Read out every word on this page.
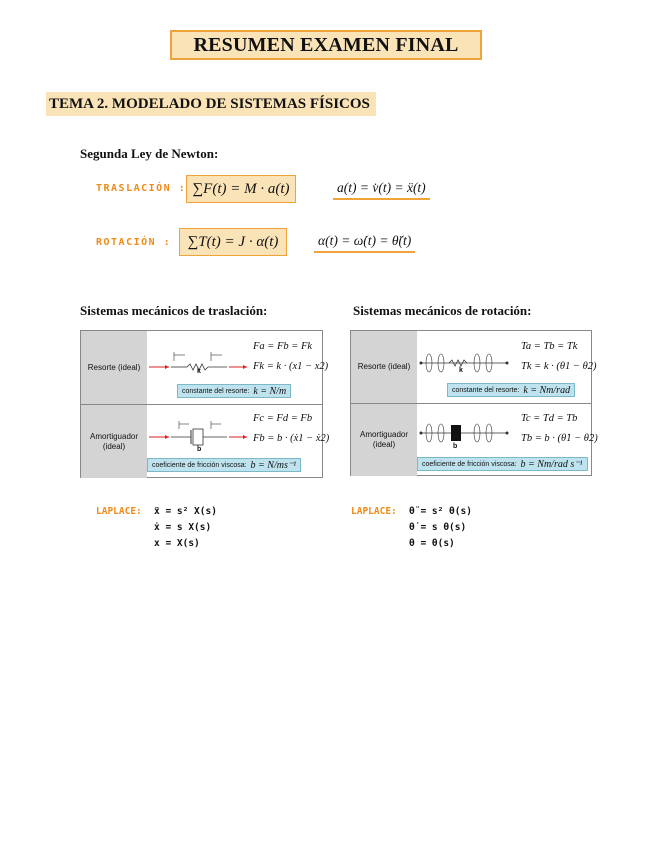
RESUMEN EXAMEN FINAL
TEMA 2. MODELADO DE SISTEMAS FÍSICOS
Segunda Ley de Newton:
TRASLACIÓN : ∑F(t) = M · a(t)	a(t) = v̇(t) = ẍ(t)
ROTACIÓN :	∑T(t) = J · α(t)	α(t) = ω̇(t) = θ̈(t)
Sistemas mecánicos de traslación:
Resorte (ideal)
Amortiguador (ideal)
k
Fa = Fb = Fk
Fk = k · (x1 − x2)
constante del resorte: k = N/m
b
Fc = Fd = Fb
Fb = b · (ẋ1 − ẋ2)
coeficiente de fricción viscosa: b = N/ms⁻¹
Sistemas mecánicos de rotación:
Resorte (ideal)
Amortiguador (ideal)
k
Ta = Tb = Tk
Tk = k · (θ1 − θ2)
constante del resorte: k = Nm/rad
b
Tc = Td = Tb
Tb = b · (θ̇1 − θ̇2)
coeficiente de fricción viscosa: b = Nm/rad s⁻¹
LAPLACE: ẍ = s² X(s)
ẋ = s X(s)
x = X(s)
LAPLACE: θ̈ = s² θ(s)
θ̇ = s θ(s)
θ = θ(s)
